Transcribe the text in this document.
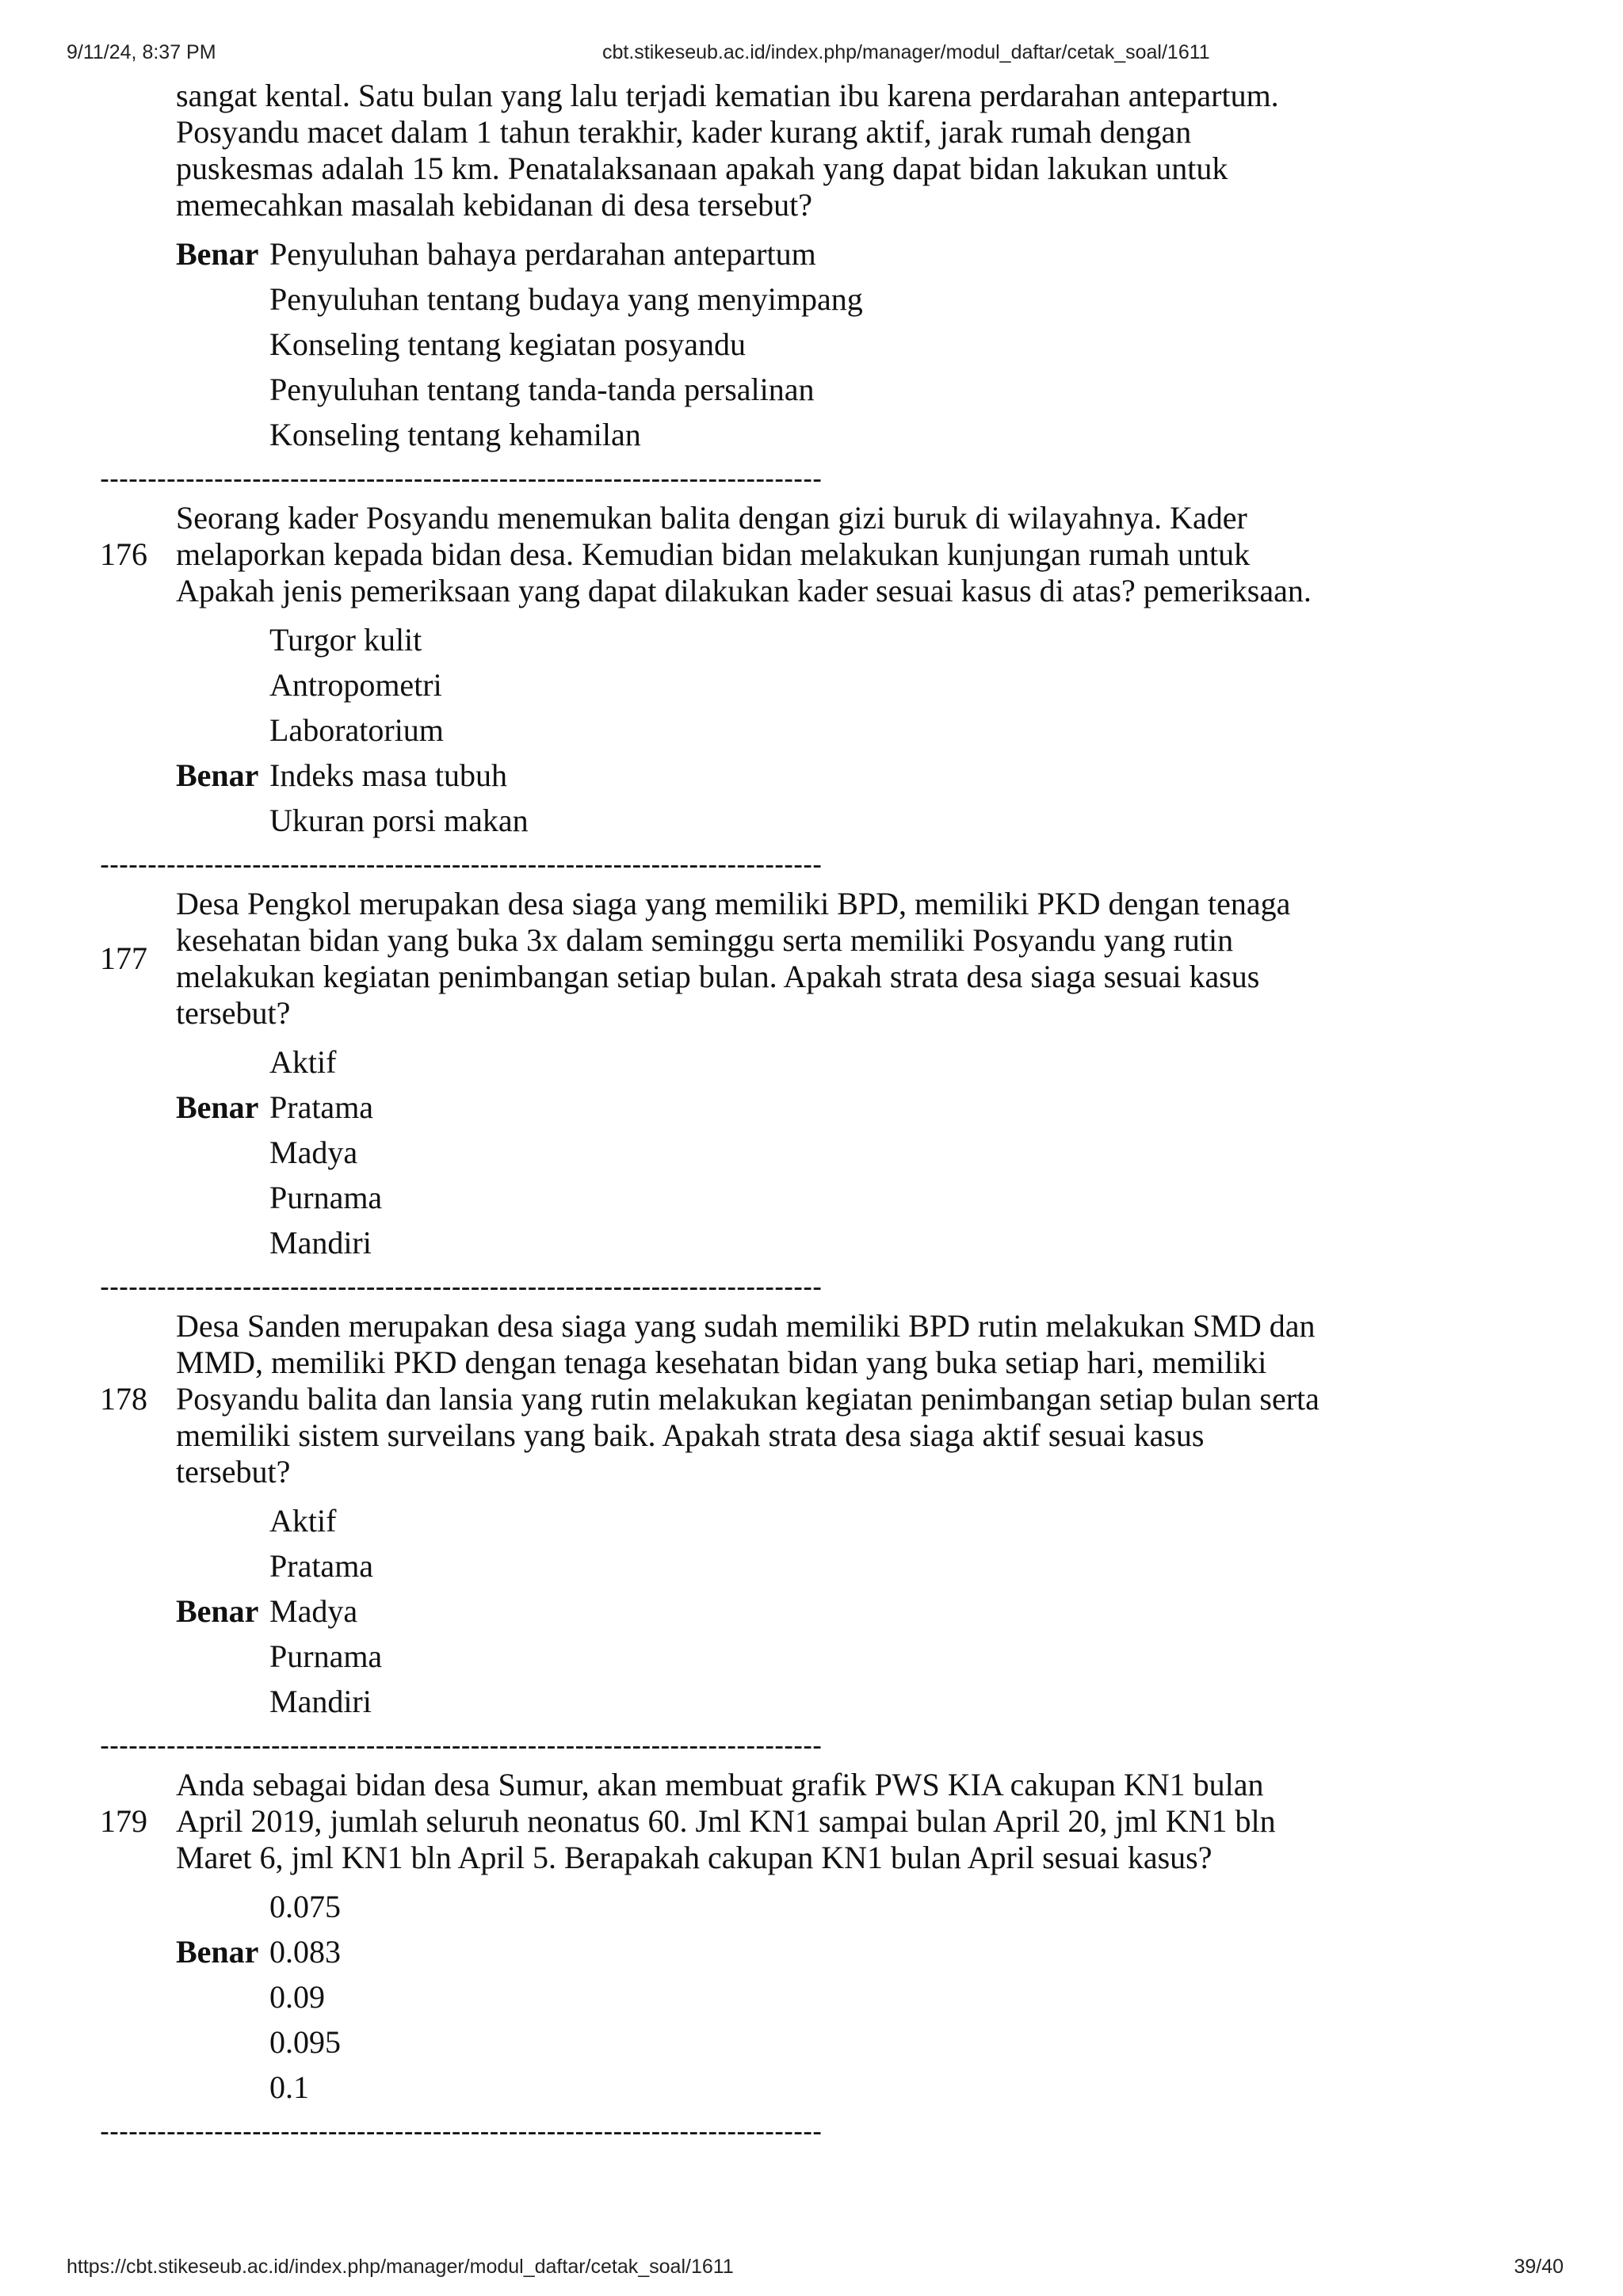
9/11/24, 8:37 PM	cbt.stikeseub.ac.id/index.php/manager/modul_daftar/cetak_soal/1611
sangat kental. Satu bulan yang lalu terjadi kematian ibu karena perdarahan antepartum. Posyandu macet dalam 1 tahun terakhir, kader kurang aktif, jarak rumah dengan puskesmas adalah 15 km. Penatalaksanaan apakah yang dapat bidan lakukan untuk memecahkan masalah kebidanan di desa tersebut?
Benar Penyuluhan bahaya perdarahan antepartum
Penyuluhan tentang budaya yang menyimpang
Konseling tentang kegiatan posyandu
Penyuluhan tentang tanda-tanda persalinan
Konseling tentang kehamilan
----------------------------------------------------------------------------
176
Seorang kader Posyandu menemukan balita dengan gizi buruk di wilayahnya. Kader melaporkan kepada bidan desa. Kemudian bidan melakukan kunjungan rumah untuk Apakah jenis pemeriksaan yang dapat dilakukan kader sesuai kasus di atas? pemeriksaan.
Turgor kulit
Antropometri
Laboratorium
Benar Indeks masa tubuh
Ukuran porsi makan
----------------------------------------------------------------------------
177
Desa Pengkol merupakan desa siaga yang memiliki BPD, memiliki PKD dengan tenaga kesehatan bidan yang buka 3x dalam seminggu serta memiliki Posyandu yang rutin melakukan kegiatan penimbangan setiap bulan. Apakah strata desa siaga sesuai kasus tersebut?
Aktif
Benar Pratama
Madya
Purnama
Mandiri
----------------------------------------------------------------------------
178
Desa Sanden merupakan desa siaga yang sudah memiliki BPD rutin melakukan SMD dan MMD, memiliki PKD dengan tenaga kesehatan bidan yang buka setiap hari, memiliki Posyandu balita dan lansia yang rutin melakukan kegiatan penimbangan setiap bulan serta memiliki sistem surveilans yang baik. Apakah strata desa siaga aktif sesuai kasus tersebut?
Aktif
Pratama
Benar Madya
Purnama
Mandiri
----------------------------------------------------------------------------
179
Anda sebagai bidan desa Sumur, akan membuat grafik PWS KIA cakupan KN1 bulan April 2019, jumlah seluruh neonatus 60. Jml KN1 sampai bulan April 20, jml KN1 bln Maret 6, jml KN1 bln April 5. Berapakah cakupan KN1 bulan April sesuai kasus?
0.075
Benar 0.083
0.09
0.095
0.1
----------------------------------------------------------------------------
https://cbt.stikeseub.ac.id/index.php/manager/modul_daftar/cetak_soal/1611	39/40
